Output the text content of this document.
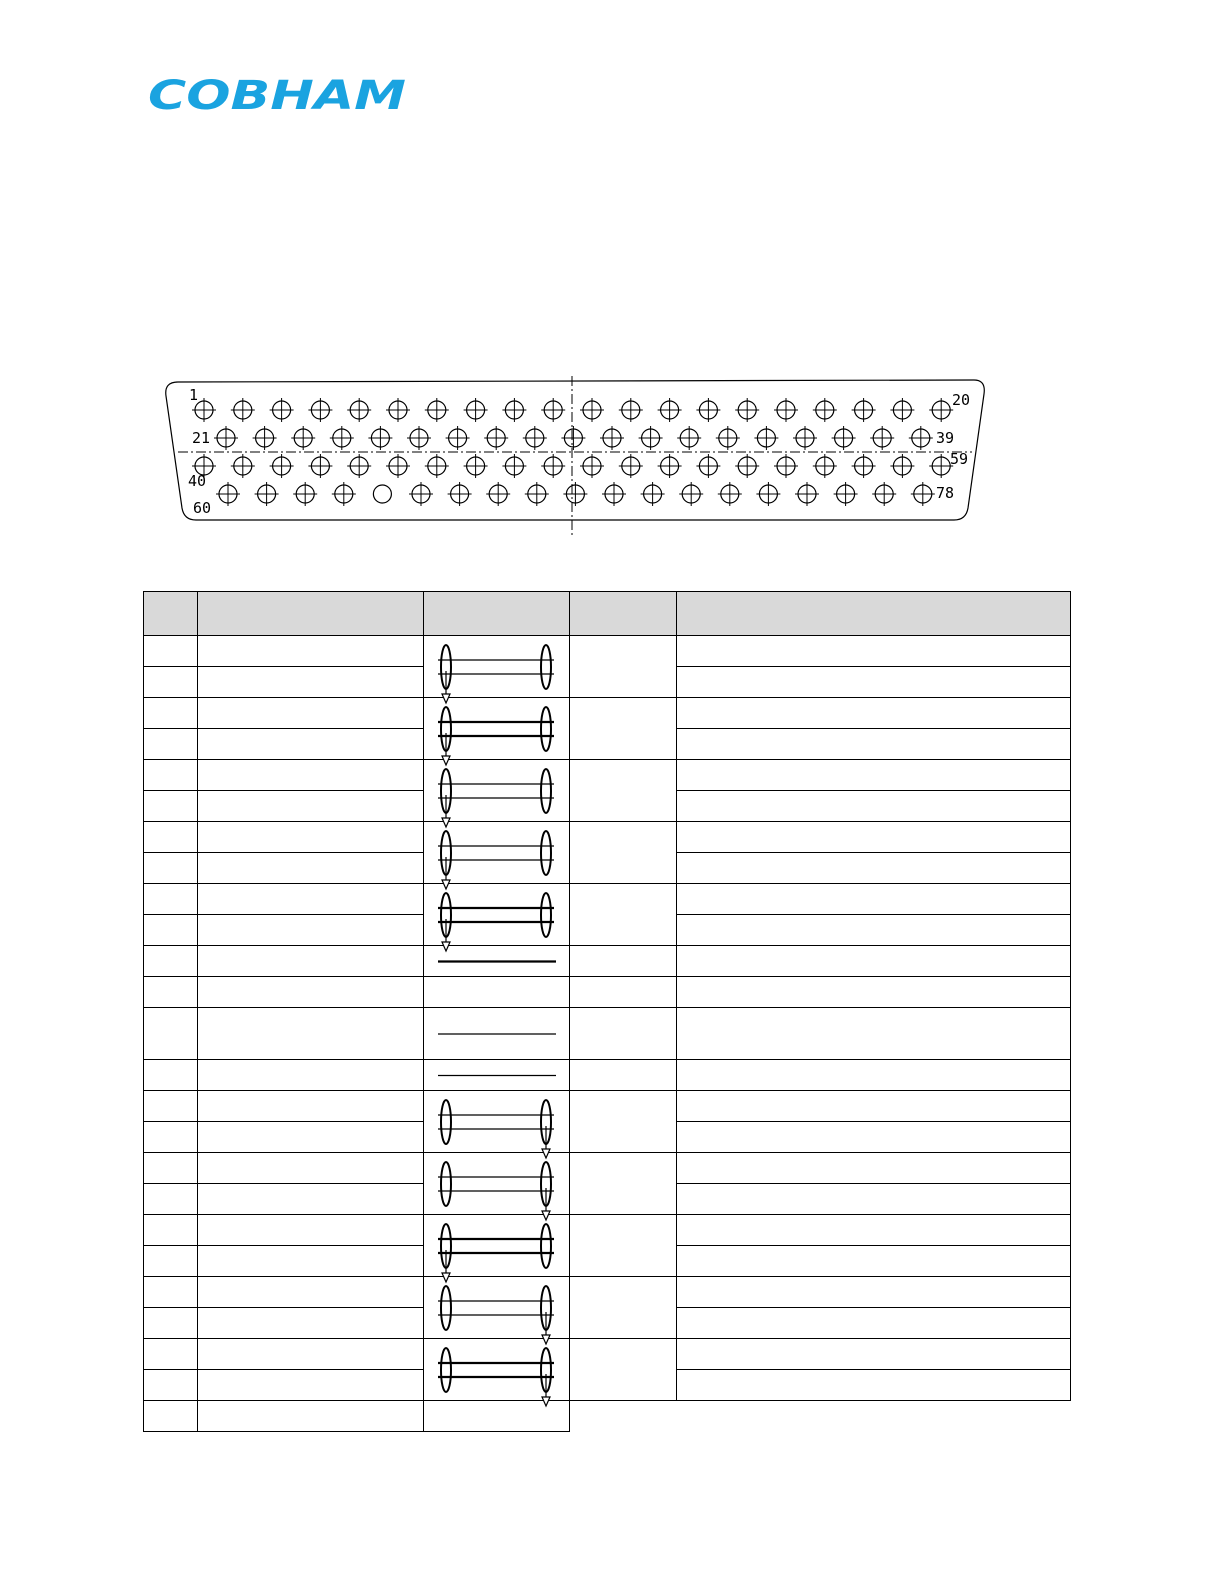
COBHAM
1	20
21	39
40
59
60
78
